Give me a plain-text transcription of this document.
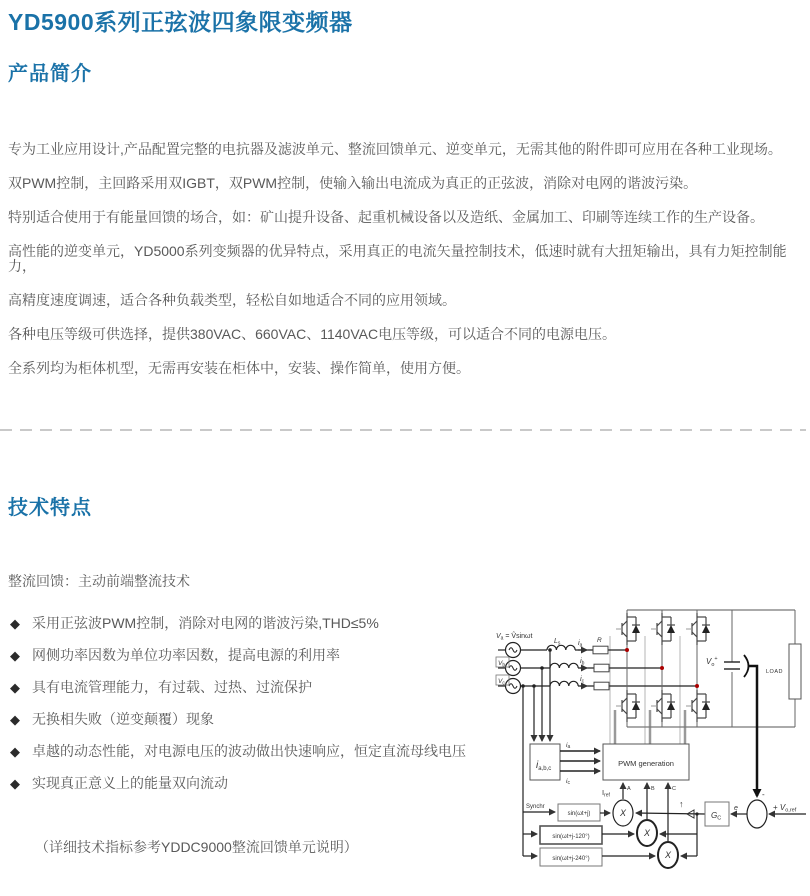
YD5900系列正弦波四象限变频器
产品简介

专为工业应用设计,产品配置完整的电抗器及滤波单元、整流回馈单元、逆变单元，无需其他的附件即可应用在各种工业现场。

双PWM控制，主回路采用双IGBT，双PWM控制，使输入输出电流成为真正的正弦波，消除对电网的谐波污染。

特别适合使用于有能量回馈的场合，如：矿山提升设备、起重机械设备以及造纸、金属加工、印刷等连续工作的生产设备。

高性能的逆变单元，YD5000系列变频器的优异特点，采用真正的电流矢量控制技术，低速时就有大扭矩输出，具有力矩控制能力，

高精度速度调速，适合各种负载类型，轻松自如地适合不同的应用领域。

各种电压等级可供选择，提供380VAC、660VAC、1140VAC电压等级，可以适合不同的电源电压。

全系列均为柜体机型，无需再安装在柜体中，安装、操作简单，使用方便。

技术特点
整流回馈：主动前端整流技术
◆ 采用正弦波PWM控制，消除对电网的谐波污染,THD≤5%
◆ 网侧功率因数为单位功率因数，提高电源的利用率
◆ 具有电流管理能力，有过载、过热、过流保护
◆ 无换相失败（逆变颠覆）现象
◆ 卓越的动态性能，对电源电压的波动做出快速响应，恒定直流母线电压
◆ 实现真正意义上的能量双向流动
（详细技术指标参考YDDC9000整流回馈单元说明）
$V_a$ = V̂sinωt
$V_b$
$V_c$
$L_s$	R
$i_a$
$i_b$
$i_c$
$V_o^+$
LOAD
$i_{a,b,c}$
ia
ic
PWM generation
A	B	C
$I_{ref}$
Synchr
sin(ωt+j)
sin(ωt+j-120°)
sin(ωt+j-240°)
X
X
X
↑
GC
e
-
+ Vo,ref
